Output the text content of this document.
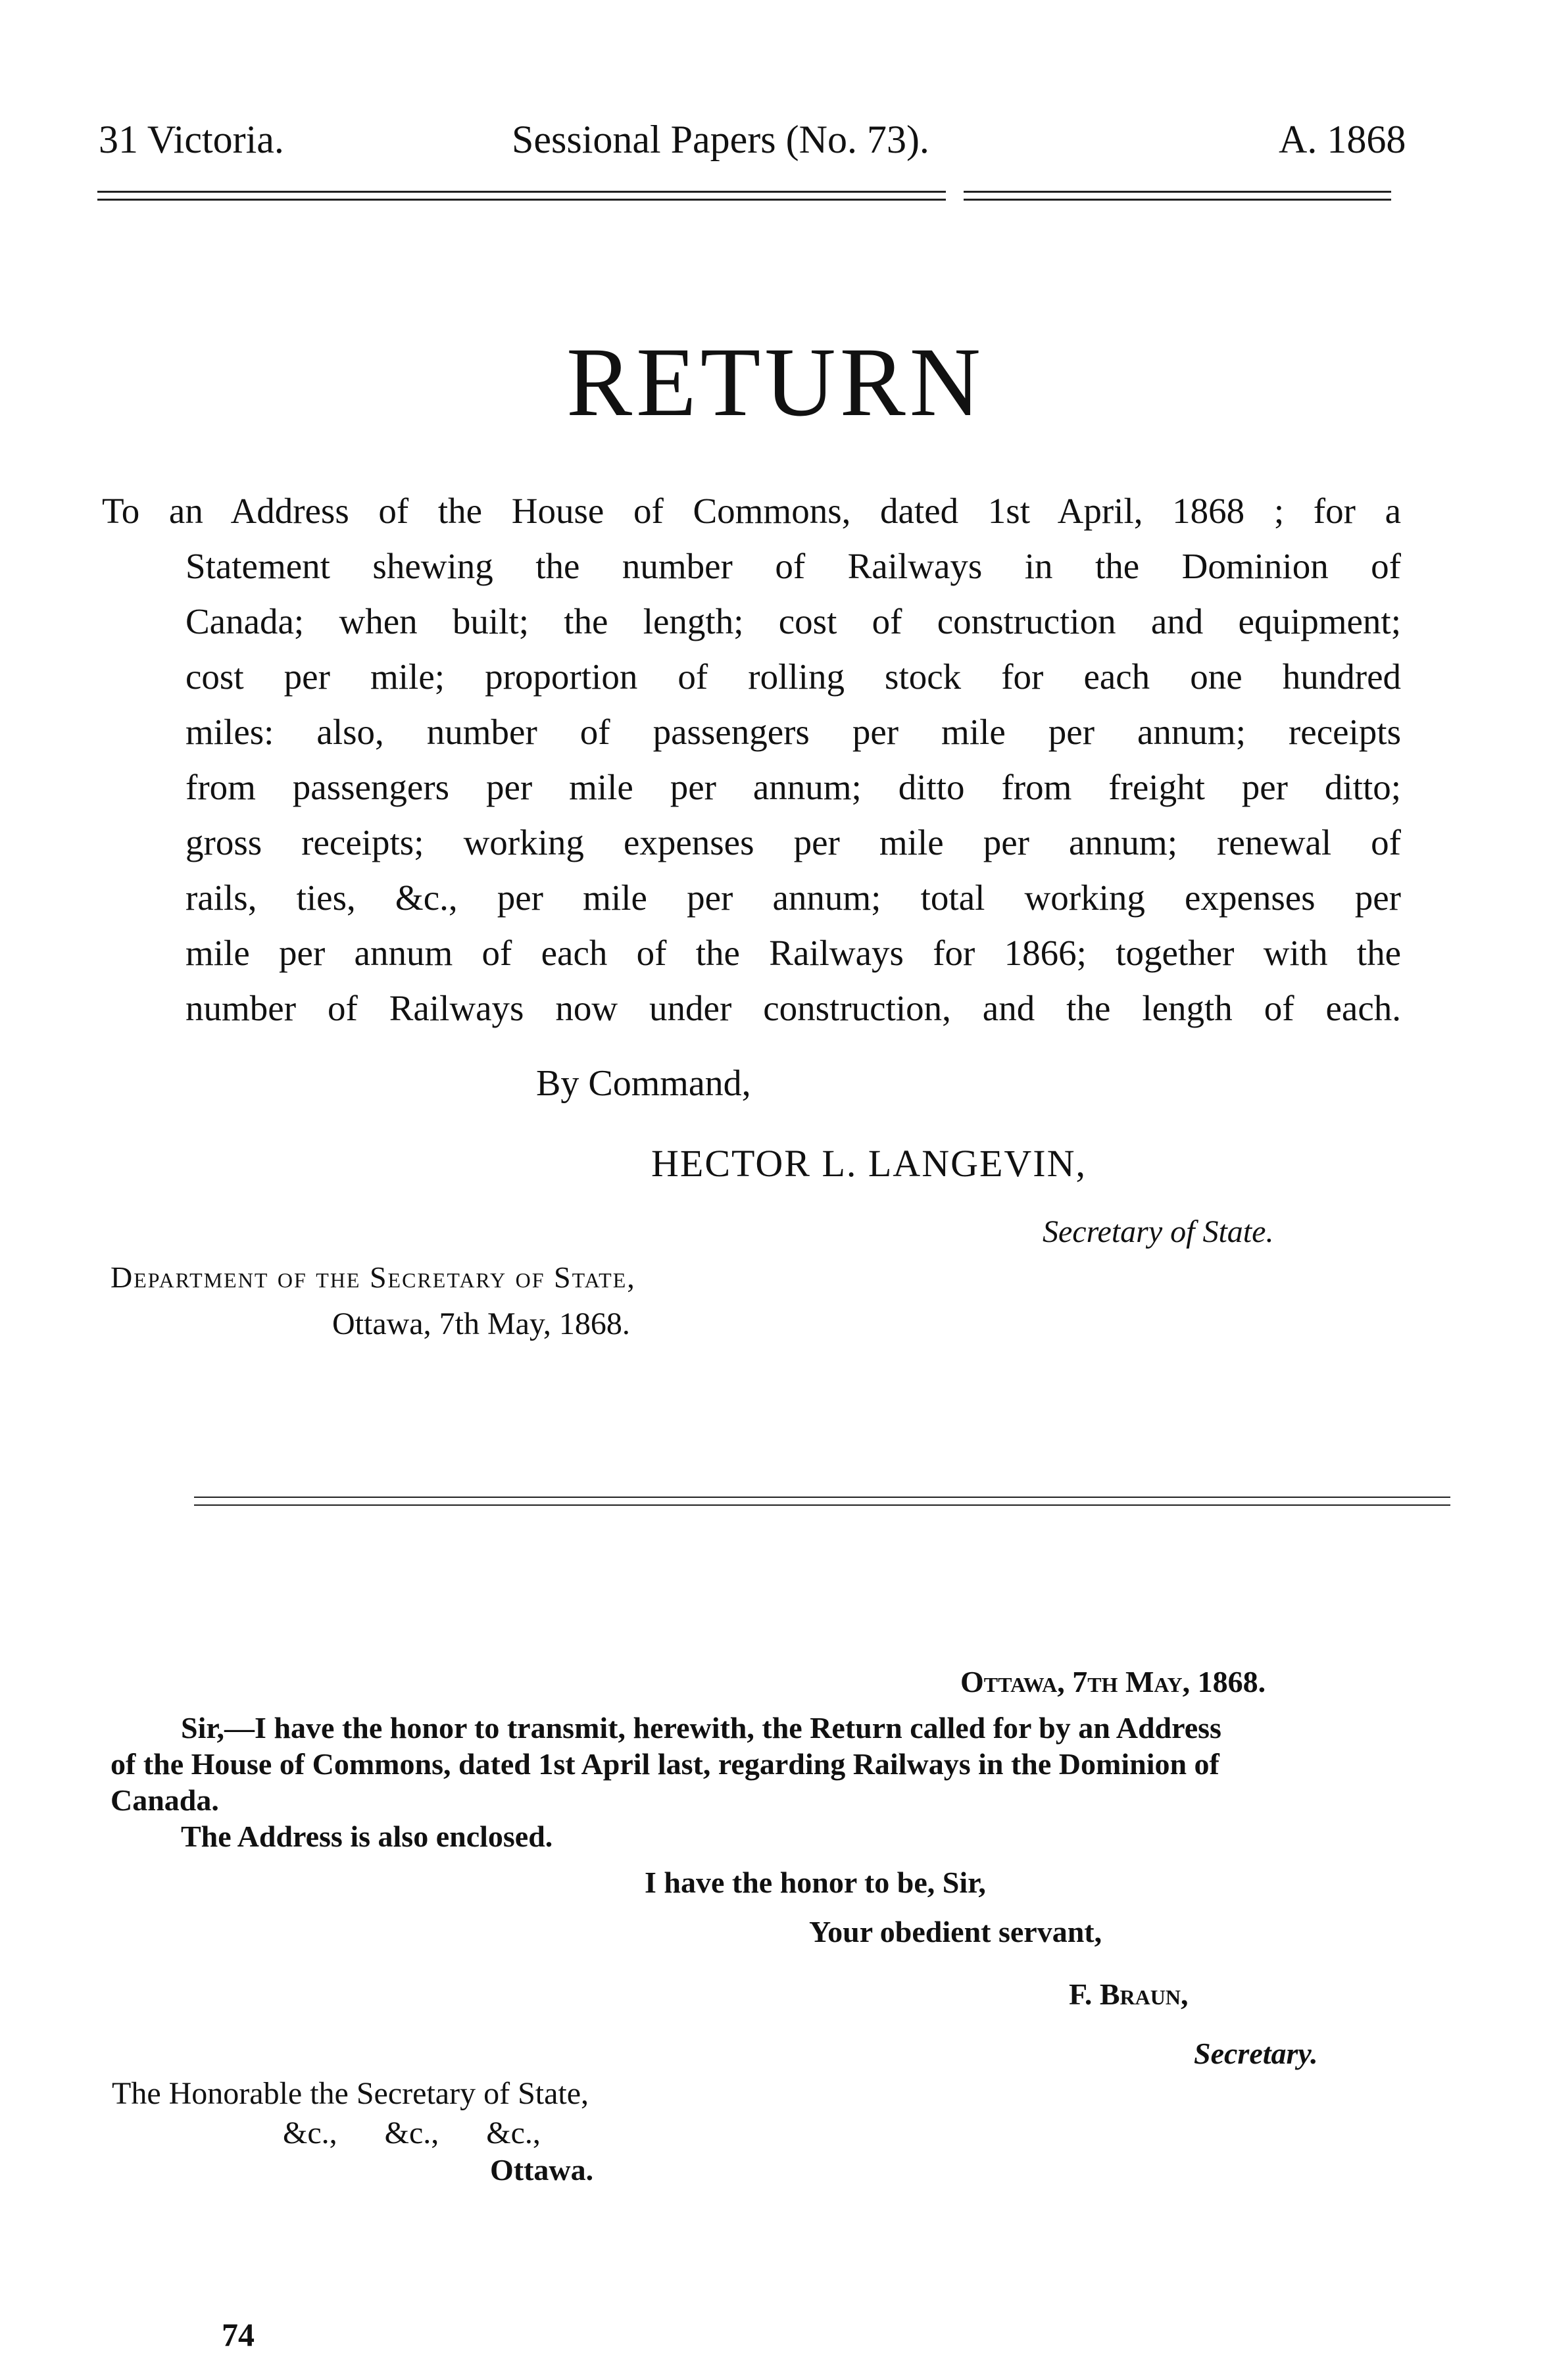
31 Victoria.	Sessional Papers (No. 73).	A. 1868
RETURN

To an Address of the House of Commons, dated 1st April, 1868 ; for a

Statement shewing the number of Railways in the Dominion of

Canada; when built; the length; cost of construction and equipment;

cost per mile; proportion of rolling stock for each one hundred

miles: also, number of passengers per mile per annum; receipts

from passengers per mile per annum; ditto from freight per ditto;

gross receipts; working expenses per mile per annum; renewal of

rails, ties, &c., per mile per annum; total working expenses per

mile per annum of each of the Railways for 1866; together with the

number of Railways now under construction, and the length of each.

By Command,
HECTOR L. LANGEVIN,
Secretary of State.
Department of the Secretary of State,
Ottawa, 7th May, 1868.
Ottawa, 7th May, 1868.
Sir,—I have the honor to transmit, herewith, the Return called for by an Address
of the House of Commons, dated 1st April last, regarding Railways in the Dominion of
Canada.
The Address is also enclosed.
I have the honor to be, Sir,
Your obedient servant,
F. Braun,
Secretary.
The Honorable the Secretary of State,
&c.,      &c.,      &c.,
Ottawa.
74
